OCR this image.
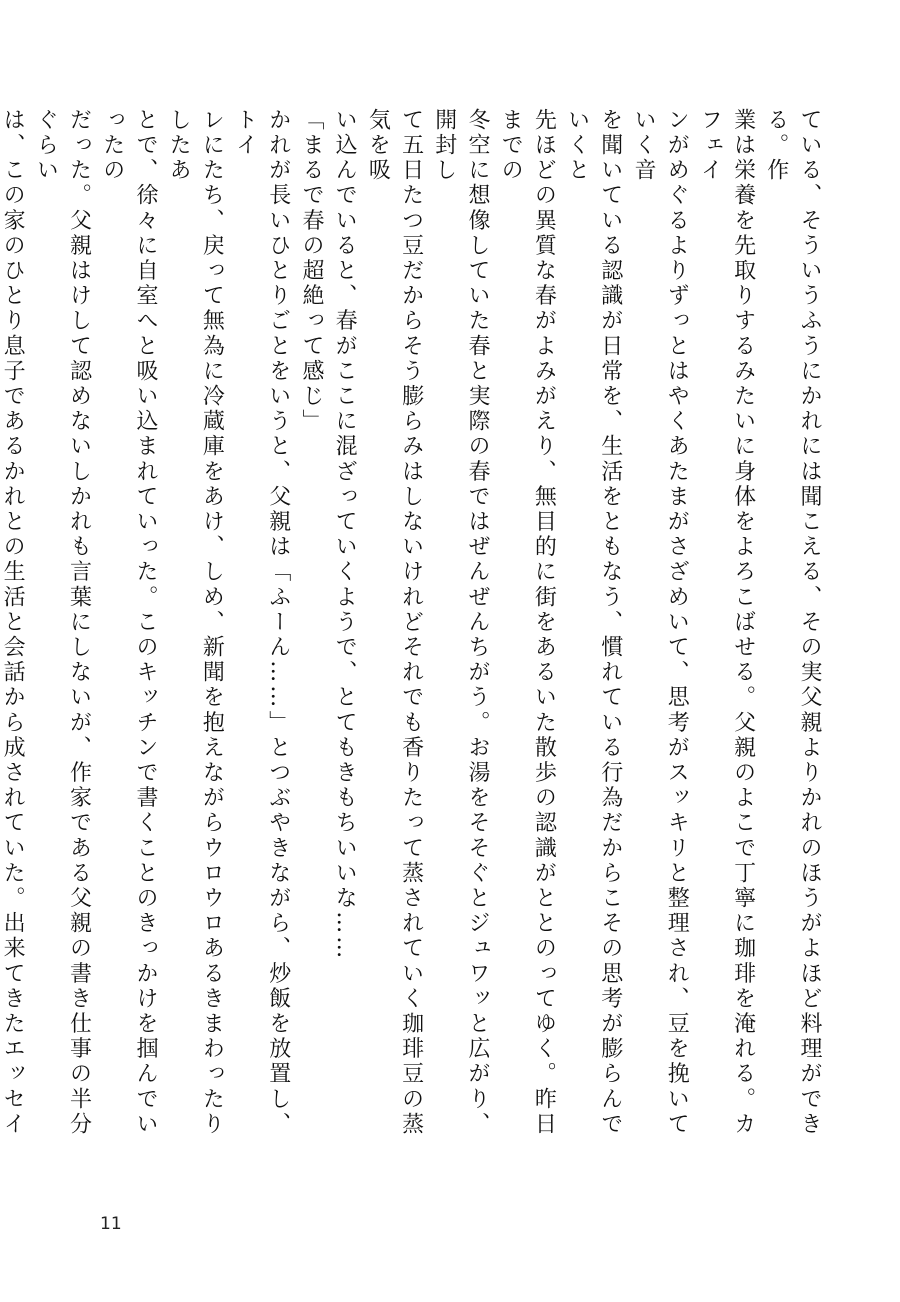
ている、そういうふうにかれには聞こえる、その実父親よりかれのほうがよほど料理ができる。作
業は栄養を先取りするみたいに身体をよろこばせる。父親のよこで丁寧に珈琲を淹れる。カフェイ
ンがめぐるよりずっとはやくあたまがさざめいて、思考がスッキリと整理され、豆を挽いていく音
を聞いている認識が日常を、生活をともなう、慣れている行為だからこその思考が膨らんでいくと
先ほどの異質な春がよみがえり、無目的に街をあるいた散歩の認識がととのってゆく。昨日までの
冬空に想像していた春と実際の春ではぜんぜんちがう。お湯をそそぐとジュワッと広がり、開封し
て五日たつ豆だからそう膨らみはしないけれどそれでも香りたって蒸されていく珈琲豆の蒸気を吸
い込んでいると、春がここに混ざっていくようで、とてもきもちいいな……

「まるで春の超絶って感じ」

かれが長いひとりごとをいうと、父親は「ふーん……」とつぶやきながら、炒飯を放置し、トイ
レにたち、戻って無為に冷蔵庫をあけ、しめ、新聞を抱えながらウロウロあるきまわったりしたあ
とで、徐々に自室へと吸い込まれていった。このキッチンで書くことのきっかけを掴んでいったの
だった。父親はけして認めないしかれも言葉にしないが、作家である父親の書き仕事の半分ぐらい
は、この家のひとり息子であるかれとの生活と会話から成されていた。出来てきたエッセイ

11
